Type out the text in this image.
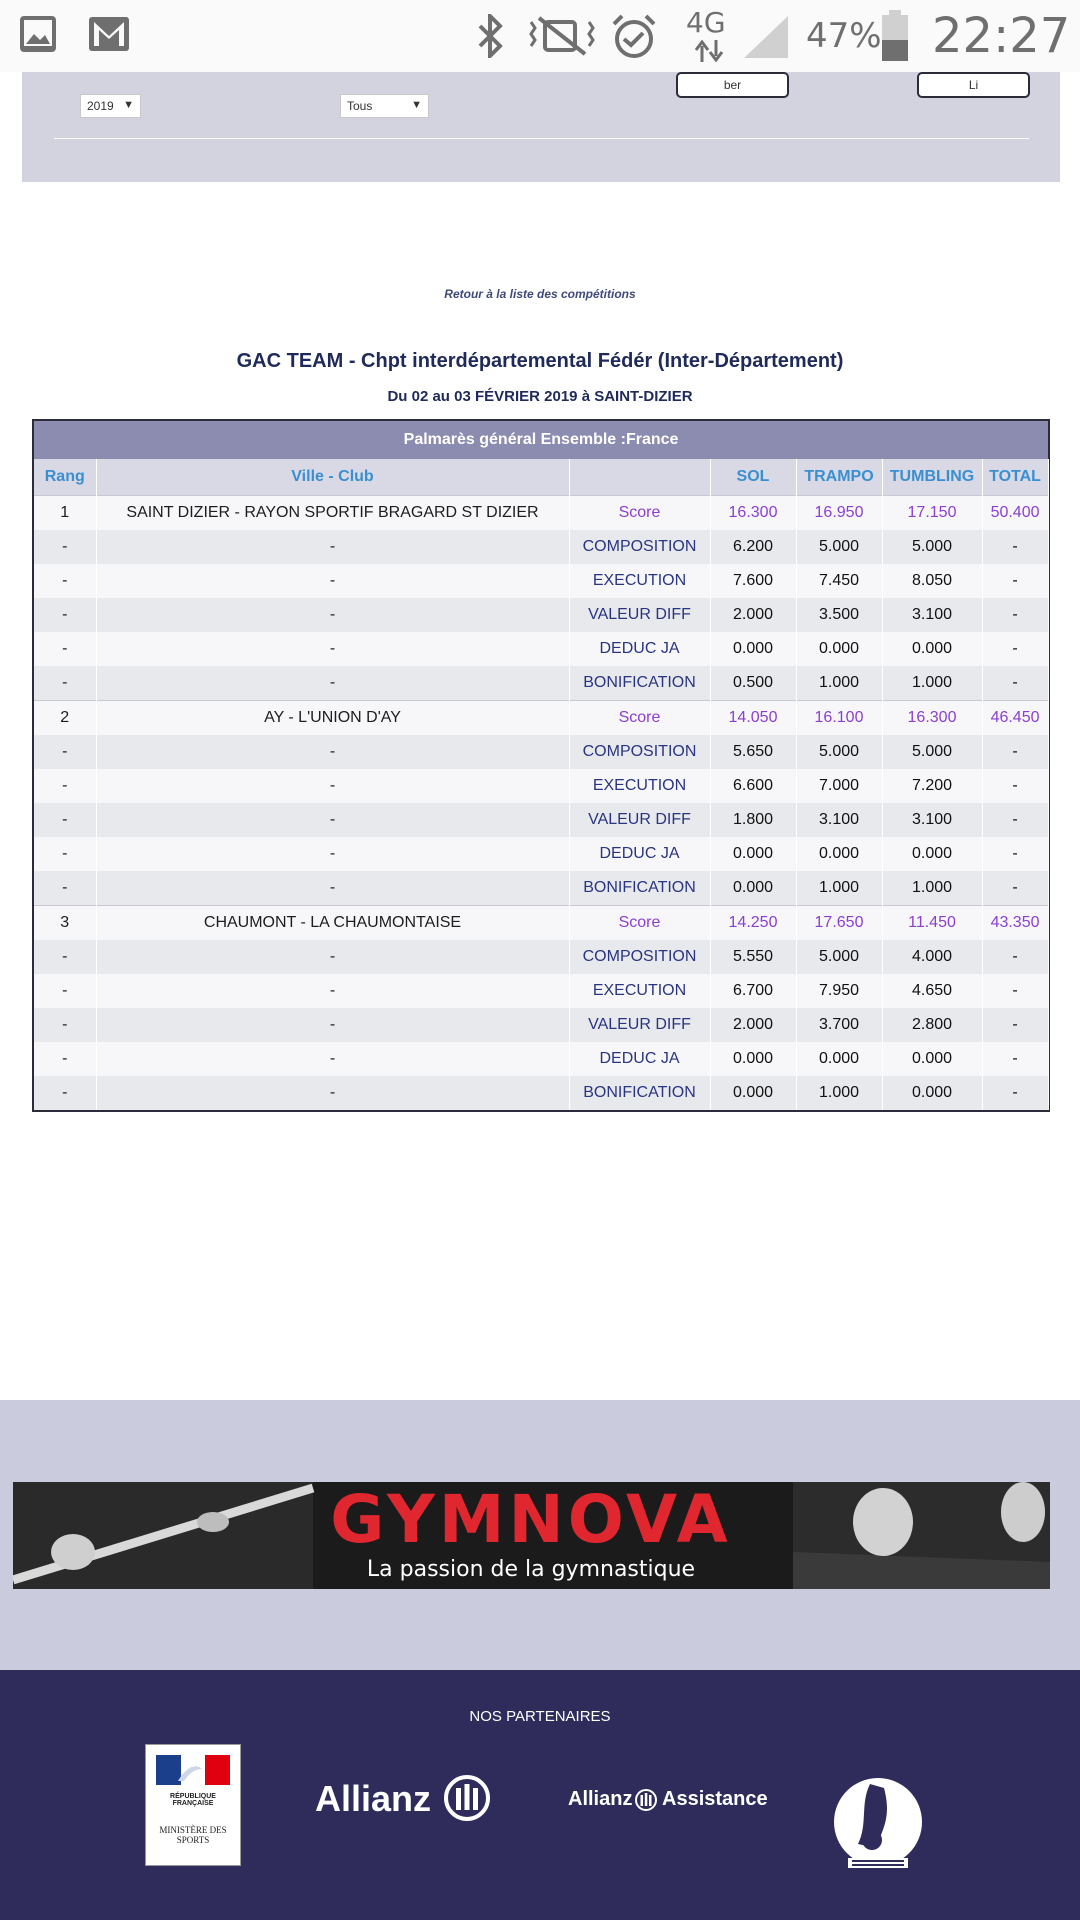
4G 47% 22:27
2019 ▼	Tous	▼
ber	Li
Retour à la liste des compétitions
GAC TEAM - Chpt interdépartemental Fédér (Inter-Département)
Du 02 au 03 FÉVRIER 2019 à SAINT-DIZIER
Palmarès général Ensemble :France						
Rang	Ville - Club		SOL	TRAMPO	TUMBLING	TOTAL
1	SAINT DIZIER - RAYON SPORTIF BRAGARD ST DIZIER	Score	16.300	16.950	17.150	50.400
-	-	COMPOSITION	6.200	5.000	5.000	-
-	-	EXECUTION	7.600	7.450	8.050	-
-	-	VALEUR DIFF	2.000	3.500	3.100	-
-	-	DEDUC JA	0.000	0.000	0.000	-
-	-	BONIFICATION	0.500	1.000	1.000	-
2	AY - L'UNION D'AY	Score	14.050	16.100	16.300	46.450
-	-	COMPOSITION	5.650	5.000	5.000	-
-	-	EXECUTION	6.600	7.000	7.200	-
-	-	VALEUR DIFF	1.800	3.100	3.100	-
-	-	DEDUC JA	0.000	0.000	0.000	-
-	-	BONIFICATION	0.000	1.000	1.000	-
3	CHAUMONT - LA CHAUMONTAISE	Score	14.250	17.650	11.450	43.350
-	-	COMPOSITION	5.550	5.000	4.000	-
-	-	EXECUTION	6.700	7.950	4.650	-
-	-	VALEUR DIFF	2.000	3.700	2.800	-
-	-	DEDUC JA	0.000	0.000	0.000	-
-	-	BONIFICATION	0.000	1.000	0.000	-
GYMNOVA
La passion de la gymnastique
NOS PARTENAIRES
RÉPUBLIQUE FRANÇAISE
MINISTÈRE DES SPORTS
Allianz	Allianz Assistance
